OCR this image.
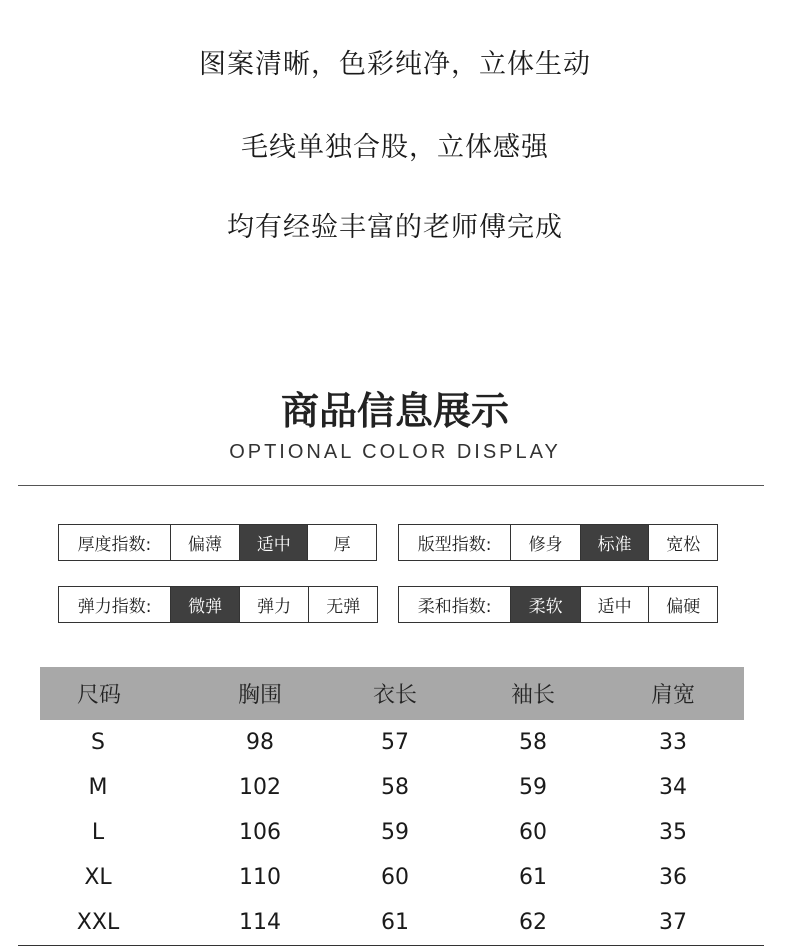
图案清晰，色彩纯净，立体生动
毛线单独合股，立体感强
均有经验丰富的老师傅完成
商品信息展示
OPTIONAL COLOR DISPLAY
厚度指数:	偏薄	适中	厚	版型指数:	修身	标准	宽松
弹力指数:	微弹	弹力	无弹	柔和指数:	柔软	适中	偏硬
尺码	胸围	衣长	袖长	肩宽
S	98	57	58	33
M	102	58	59	34
L	106	59	60	35
XL	110	60	61	36
XXL	114	61	62	37
